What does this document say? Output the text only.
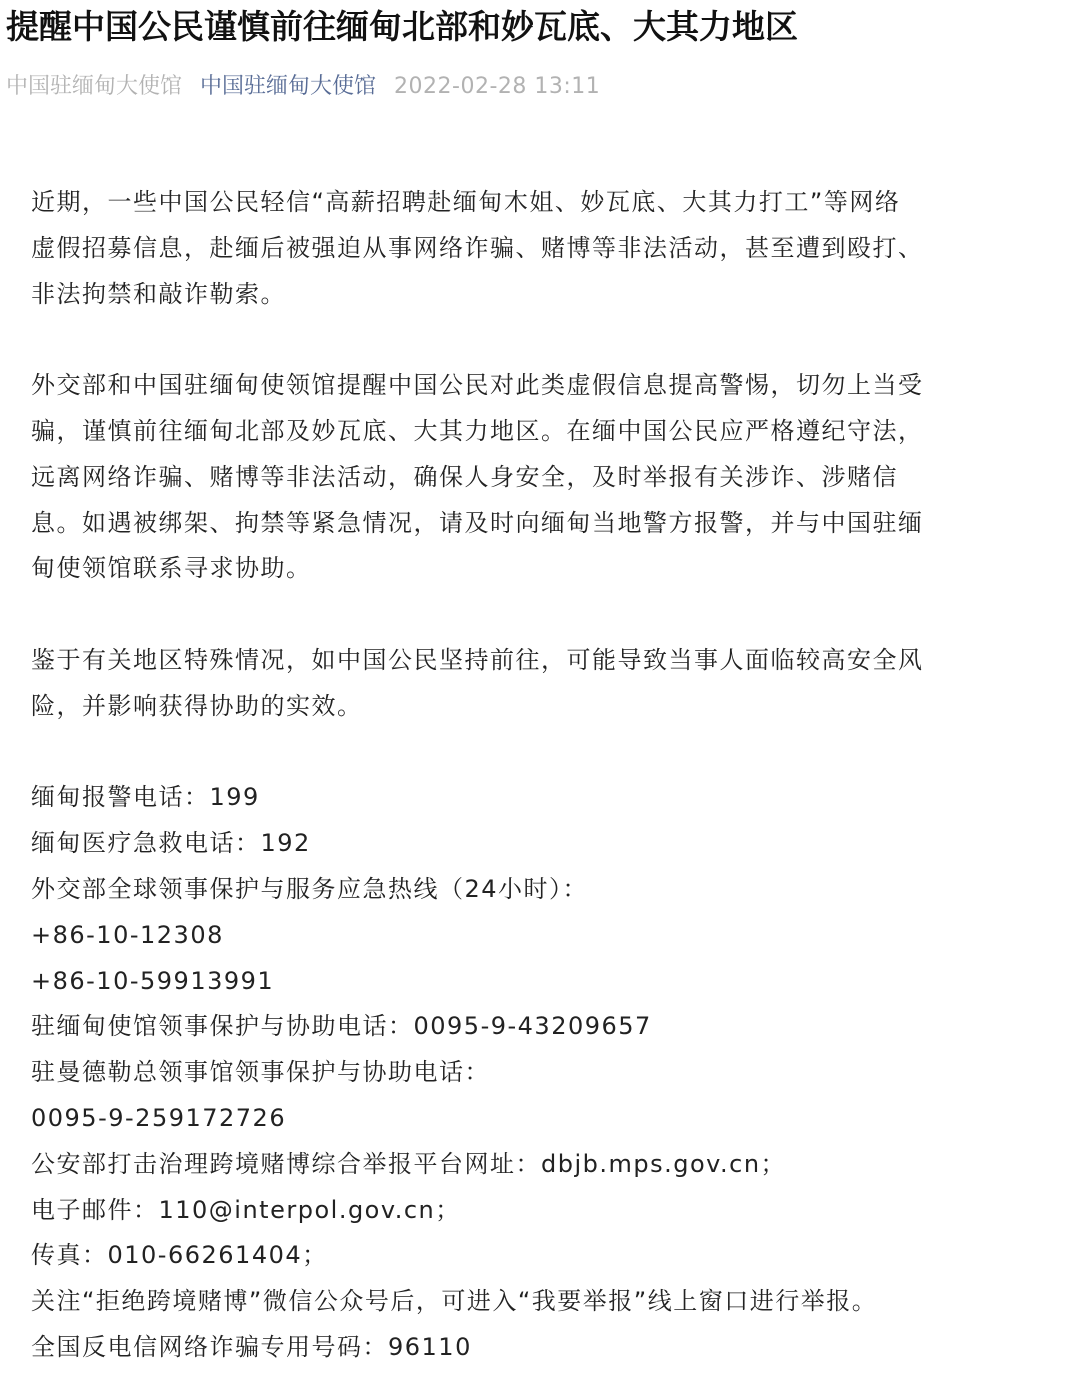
提醒中国公民谨慎前往缅甸北部和妙瓦底、大其力地区
中国驻缅甸大使馆 中国驻缅甸大使馆 2022-02-28 13:11

近期，一些中国公民轻信“高薪招聘赴缅甸木姐、妙瓦底、大其力打工”等网络
虚假招募信息，赴缅后被强迫从事网络诈骗、赌博等非法活动，甚至遭到殴打、
非法拘禁和敲诈勒索。

外交部和中国驻缅甸使领馆提醒中国公民对此类虚假信息提高警惕，切勿上当受
骗，谨慎前往缅甸北部及妙瓦底、大其力地区。在缅中国公民应严格遵纪守法，
远离网络诈骗、赌博等非法活动，确保人身安全，及时举报有关涉诈、涉赌信
息。如遇被绑架、拘禁等紧急情况，请及时向缅甸当地警方报警，并与中国驻缅
甸使领馆联系寻求协助。

鉴于有关地区特殊情况，如中国公民坚持前往，可能导致当事人面临较高安全风
险，并影响获得协助的实效。

缅甸报警电话：199
缅甸医疗急救电话：192
外交部全球领事保护与服务应急热线（24小时）：
+86-10-12308
+86-10-59913991
驻缅甸使馆领事保护与协助电话：0095-9-43209657
驻曼德勒总领事馆领事保护与协助电话：
0095-9-259172726
公安部打击治理跨境赌博综合举报平台网址：dbjb.mps.gov.cn；
电子邮件：110@interpol.gov.cn；
传真：010-66261404；
关注“拒绝跨境赌博”微信公众号后，可进入“我要举报”线上窗口进行举报。
全国反电信网络诈骗专用号码：96110
